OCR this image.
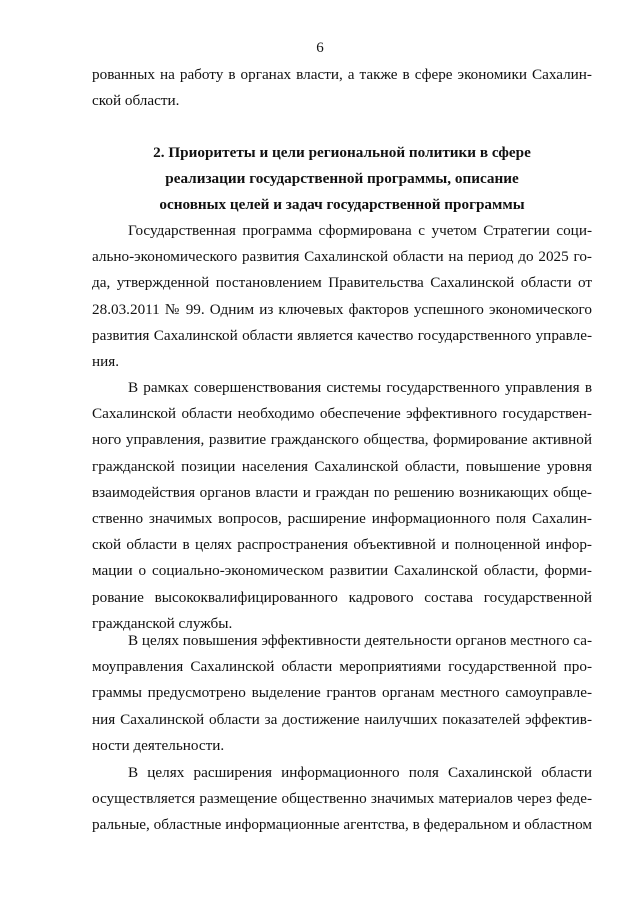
6
рованных на работу в органах власти, а также в сфере экономики Сахалин-
ской области.
2. Приоритеты и цели региональной политики в сфере
реализации государственной программы, описание
основных целей и задач государственной программы
Государственная программа сформирована с учетом Стратегии соци-
ально-экономического развития Сахалинской области на период до 2025 го-
да, утвержденной постановлением Правительства Сахалинской области от
28.03.2011 № 99. Одним из ключевых факторов успешного экономического
развития Сахалинской области является качество государственного управле-
ния.
В рамках совершенствования системы государственного управления в
Сахалинской области необходимо обеспечение эффективного государствен-
ного управления, развитие гражданского общества, формирование активной
гражданской позиции населения Сахалинской области, повышение уровня
взаимодействия органов власти и граждан по решению возникающих обще-
ственно значимых вопросов, расширение информационного поля Сахалин-
ской области в целях распространения объективной и полноценной инфор-
мации о социально-экономическом развитии Сахалинской области, форми-
рование высококвалифицированного кадрового состава государственной
гражданской службы.
В целях повышения эффективности деятельности органов местного са-
моуправления Сахалинской области мероприятиями государственной про-
граммы предусмотрено выделение грантов органам местного самоуправле-
ния Сахалинской области за достижение наилучших показателей эффектив-
ности деятельности.
В целях расширения информационного поля Сахалинской области
осуществляется размещение общественно значимых материалов через феде-
ральные, областные информационные агентства, в федеральном и областном
